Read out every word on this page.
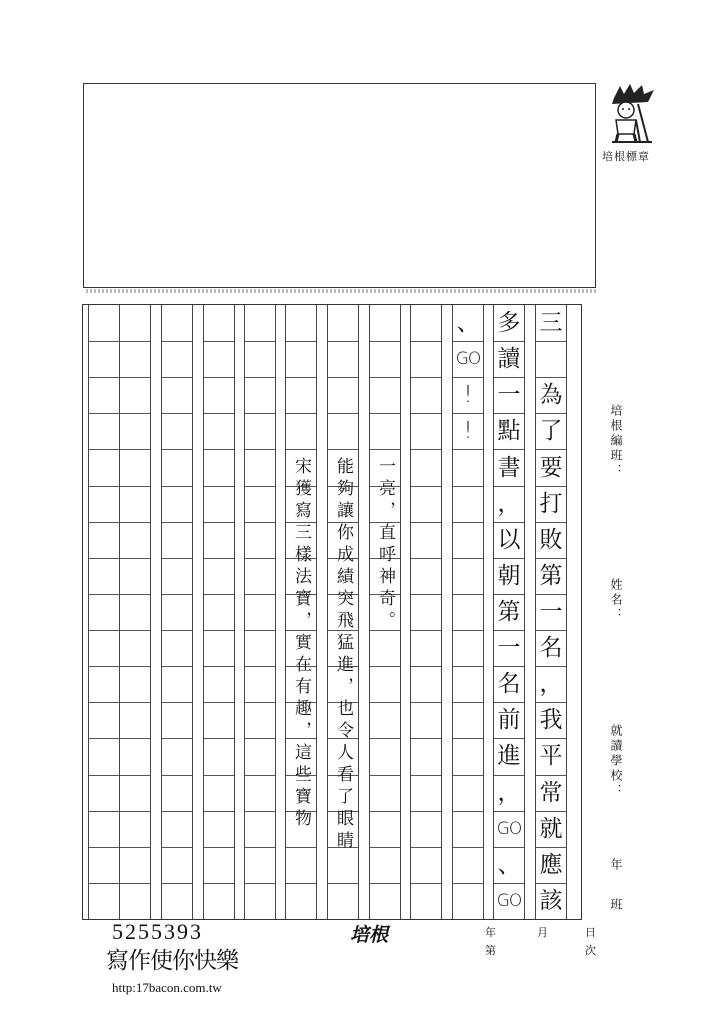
培根標章
宋獲寫三樣法寶，實在有趣，這些寶物 能夠讓你成績突飛猛進，也令人看了眼睛 一亮，直呼神奇。
、
GO
!
!
多
讀
一
點
書
，
以
朝
第
一
名
前
進
，
GO
、
GO
三
為
了
要
打
敗
第
一
名
，
我
平
常
就
應
該
培根編班：
姓名：
就讀學校：
年
班
年	月	日
第	次
培根
5255393
寫作使你快樂
http:17bacon.com.tw
